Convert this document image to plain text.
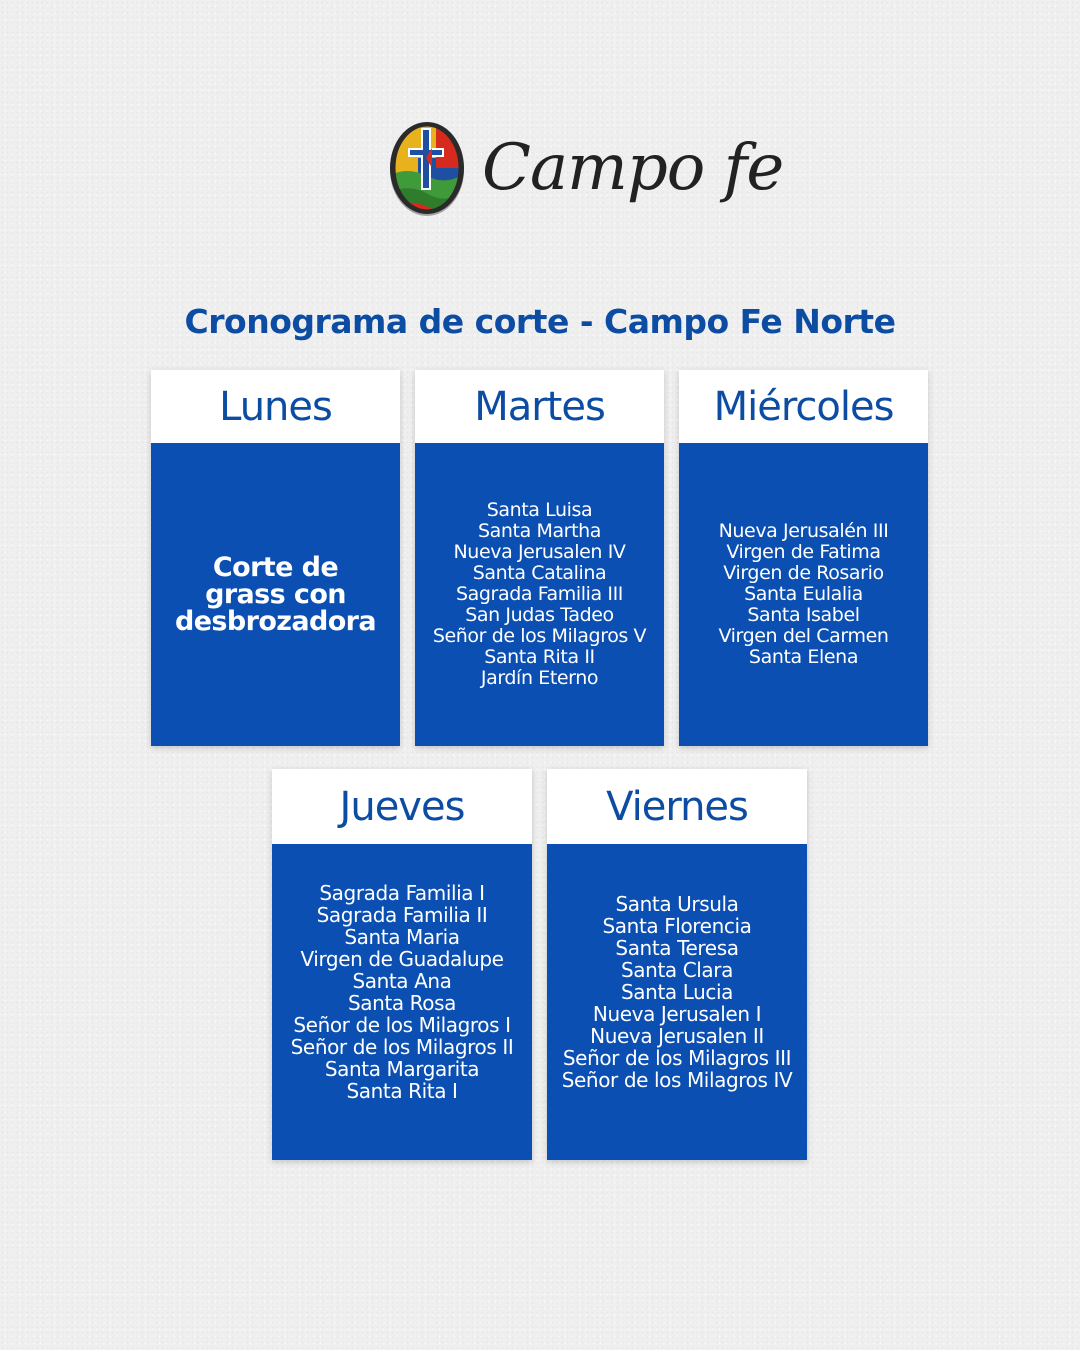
Campo fe
Cronograma de corte - Campo Fe Norte
Lunes
Corte de
grass con
desbrozadora
Martes
Santa Luisa
Santa Martha
Nueva Jerusalen IV
Santa Catalina
Sagrada Familia III
San Judas Tadeo
Señor de los Milagros V
Santa Rita II
Jardín Eterno
Miércoles
Nueva Jerusalén III
Virgen de Fatima
Virgen de Rosario
Santa Eulalia
Santa Isabel
Virgen del Carmen
Santa Elena
Jueves
Sagrada Familia I
Sagrada Familia II
Santa Maria
Virgen de Guadalupe
Santa Ana
Santa Rosa
Señor de los Milagros I
Señor de los Milagros II
Santa Margarita
Santa Rita I
Viernes
Santa Ursula
Santa Florencia
Santa Teresa
Santa Clara
Santa Lucia
Nueva Jerusalen I
Nueva Jerusalen II
Señor de los Milagros III
Señor de los Milagros IV
